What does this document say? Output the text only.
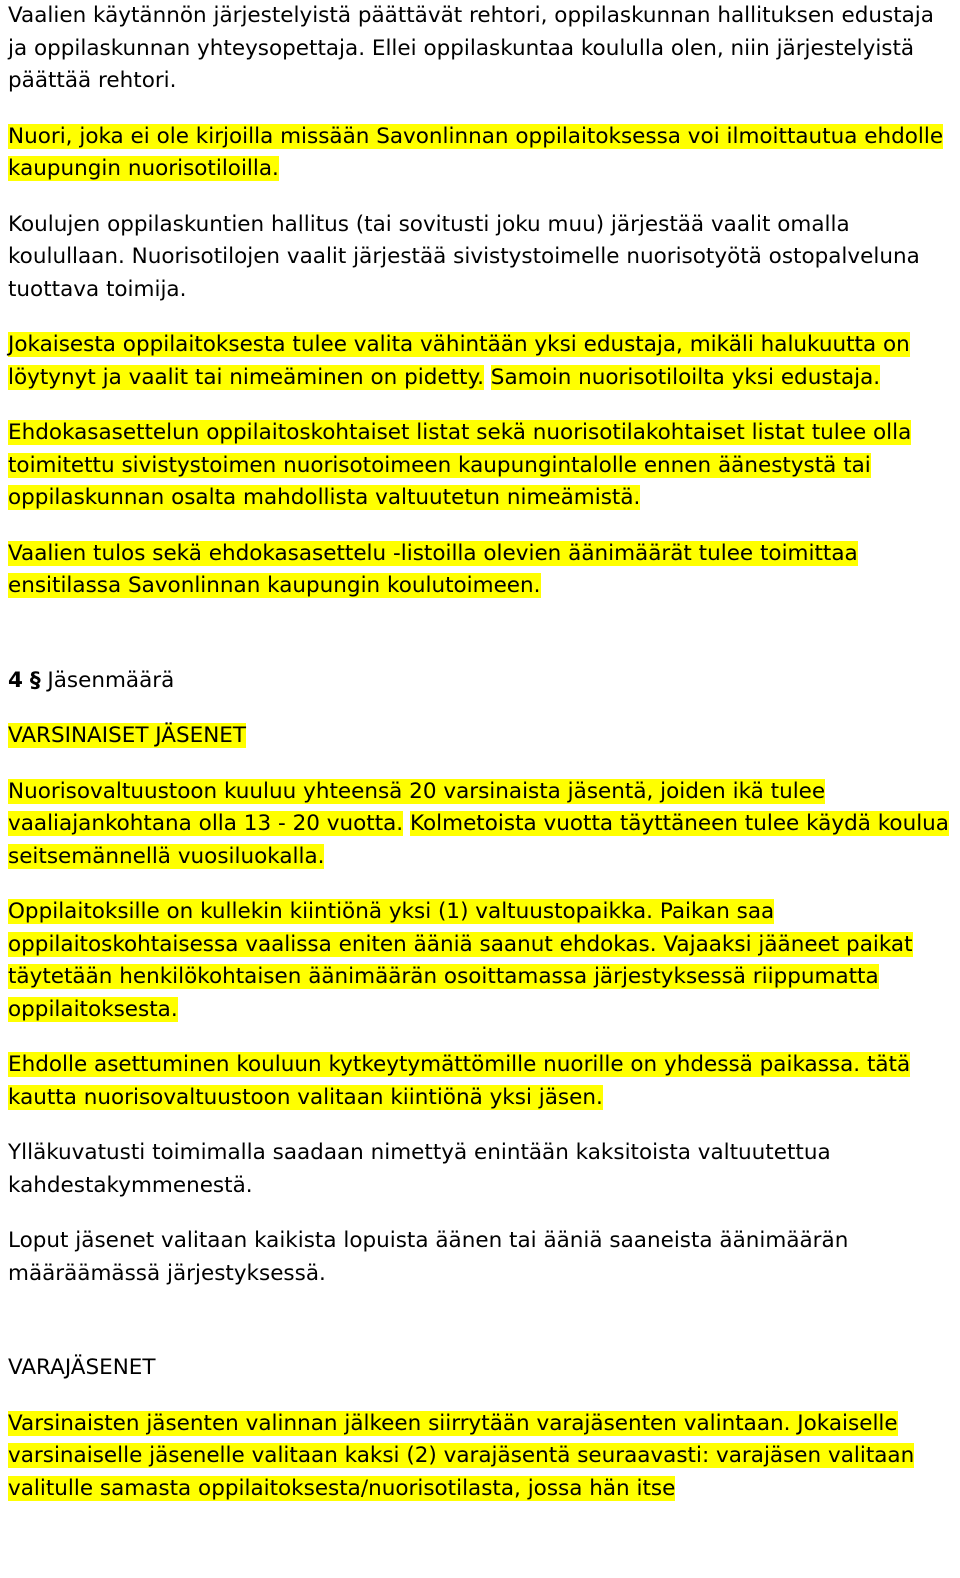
Vaalien käytännön järjestelyistä päättävät rehtori, oppilaskunnan hallituksen edustaja ja oppilaskunnan yhteysopettaja. Ellei oppilaskuntaa koululla olen, niin järjestelyistä päättää rehtori.

Nuori, joka ei ole kirjoilla missään Savonlinnan oppilaitoksessa voi ilmoittautua ehdolle kaupungin nuorisotiloilla.

Koulujen oppilaskuntien hallitus (tai sovitusti joku muu) järjestää vaalit omalla koulullaan. Nuorisotilojen vaalit järjestää sivistystoimelle nuorisotyötä ostopalveluna tuottava toimija.

Jokaisesta oppilaitoksesta tulee valita vähintään yksi edustaja, mikäli halukuutta on löytynyt ja vaalit tai nimeäminen on pidetty. Samoin nuorisotiloilta yksi edustaja.

Ehdokasasettelun oppilaitoskohtaiset listat sekä nuorisotilakohtaiset listat tulee olla toimitettu sivistystoimen nuorisotoimeen kaupungintalolle ennen äänestystä tai oppilaskunnan osalta mahdollista valtuutetun nimeämistä.

Vaalien tulos sekä ehdokasasettelu -listoilla olevien äänimäärät tulee toimittaa ensitilassa Savonlinnan kaupungin koulutoimeen.

4 § Jäsenmäärä

VARSINAISET JÄSENET

Nuorisovaltuustoon kuuluu yhteensä 20 varsinaista jäsentä, joiden ikä tulee vaaliajankohtana olla 13 - 20 vuotta. Kolmetoista vuotta täyttäneen tulee käydä koulua seitsemännellä vuosiluokalla.

Oppilaitoksille on kullekin kiintiönä yksi (1) valtuustopaikka. Paikan saa oppilaitoskohtaisessa vaalissa eniten ääniä saanut ehdokas. Vajaaksi jääneet paikat täytetään henkilökohtaisen äänimäärän osoittamassa järjestyksessä riippumatta oppilaitoksesta.

Ehdolle asettuminen kouluun kytkeytymättömille nuorille on yhdessä paikassa. tätä kautta nuorisovaltuustoon valitaan kiintiönä yksi jäsen.

Ylläkuvatusti toimimalla saadaan nimettyä enintään kaksitoista valtuutettua kahdestakymmenestä.

Loput jäsenet valitaan kaikista lopuista äänen tai ääniä saaneista äänimäärän määräämässä järjestyksessä.

VARAJÄSENET

Varsinaisten jäsenten valinnan jälkeen siirrytään varajäsenten valintaan. Jokaiselle varsinaiselle jäsenelle valitaan kaksi (2) varajäsentä seuraavasti: varajäsen valitaan valitulle samasta oppilaitoksesta/nuorisotilasta, jossa hän itse
